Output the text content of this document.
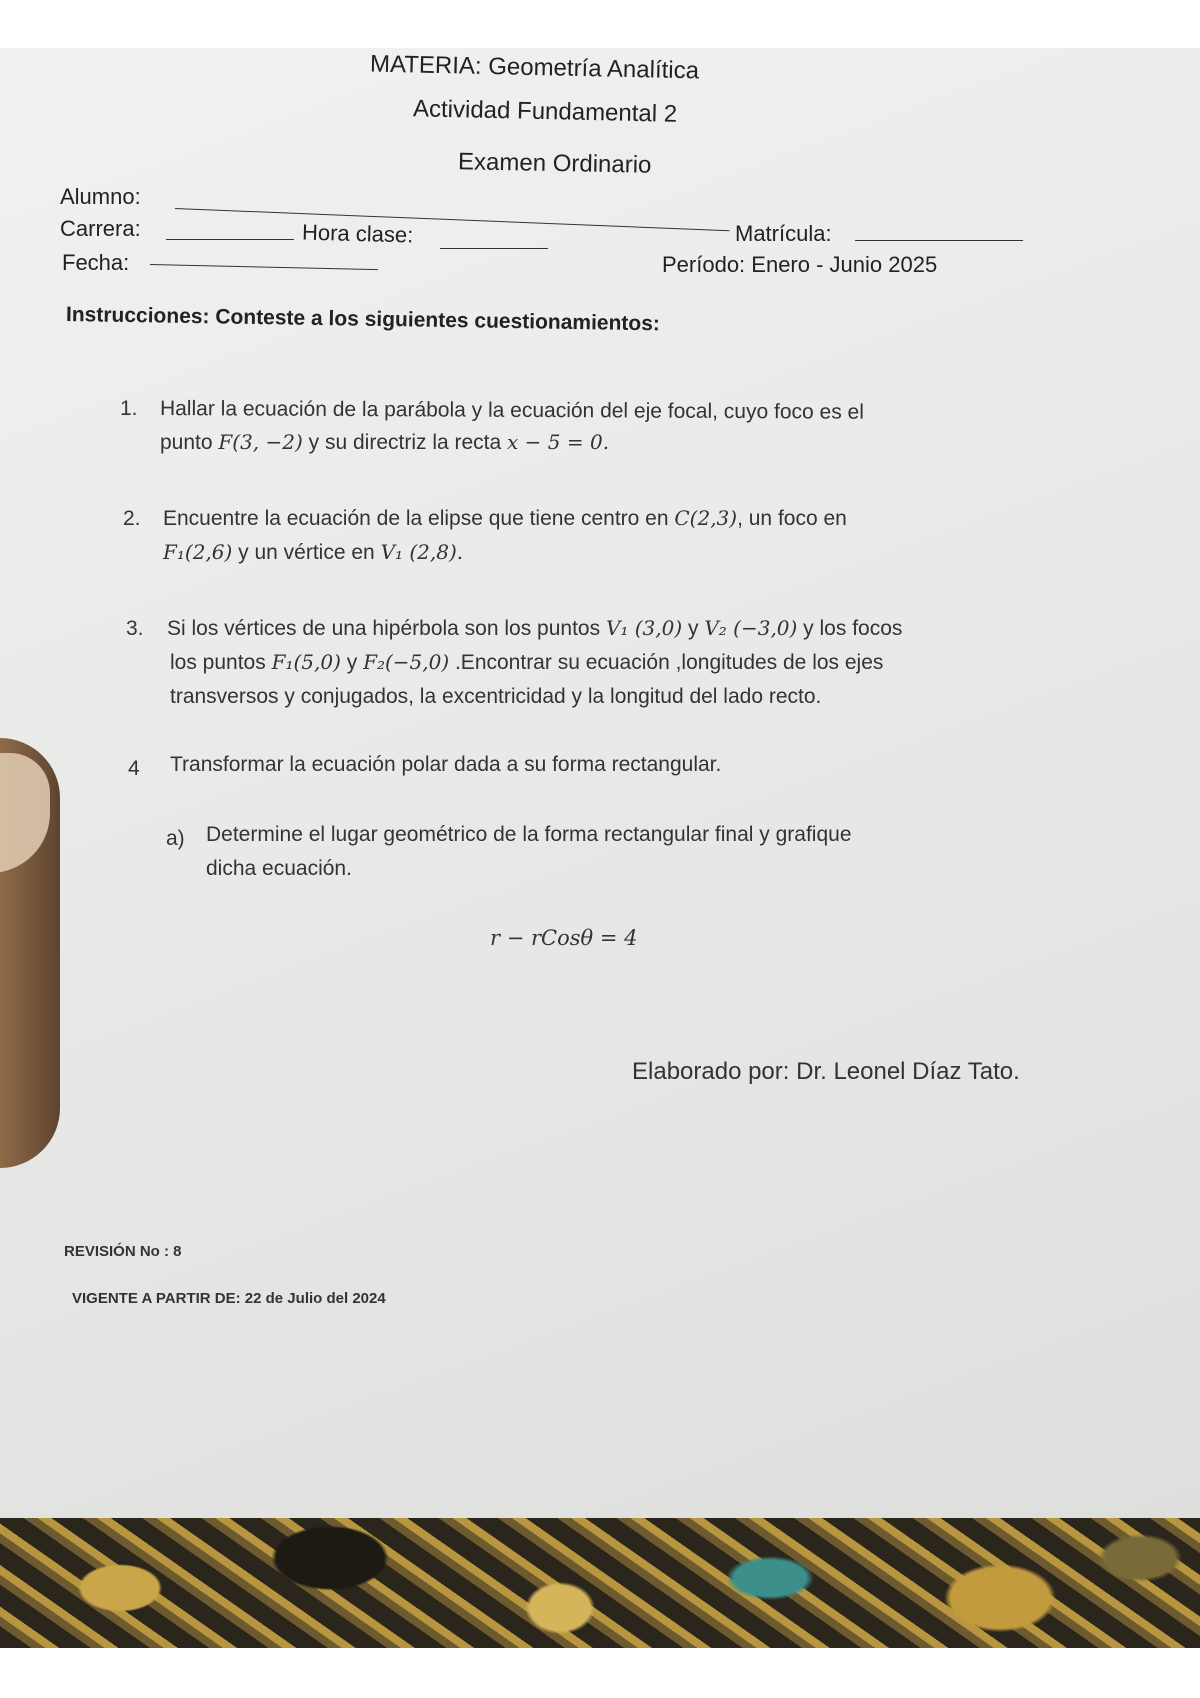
MATERIA: Geometría Analítica
Actividad Fundamental 2
Examen Ordinario
Alumno:
Carrera:	Hora clase:
Fecha:
Matrícula:
Período: Enero - Junio 2025
Instrucciones: Conteste a los siguientes cuestionamientos:
1. Hallar la ecuación de la parábola y la ecuación del eje focal, cuyo foco es el
punto F(3, −2) y su directriz la recta x − 5 = 0.
2. Encuentre la ecuación de la elipse que tiene centro en C(2,3), un foco en
F₁(2,6) y un vértice en V₁ (2,8).
3. Si los vértices de una hipérbola son los puntos V₁ (3,0) y V₂ (−3,0) y los focos
los puntos F₁(5,0) y F₂(−5,0) .Encontrar su ecuación ,longitudes de los ejes
transversos y conjugados, la excentricidad y la longitud del lado recto.
4 Transformar la ecuación polar dada a su forma rectangular.
a) Determine el lugar geométrico de la forma rectangular final y grafique
dicha ecuación.
r − rCosθ = 4
Elaborado por: Dr. Leonel Díaz Tato.
REVISIÓN No : 8
VIGENTE A PARTIR DE: 22 de Julio del 2024
